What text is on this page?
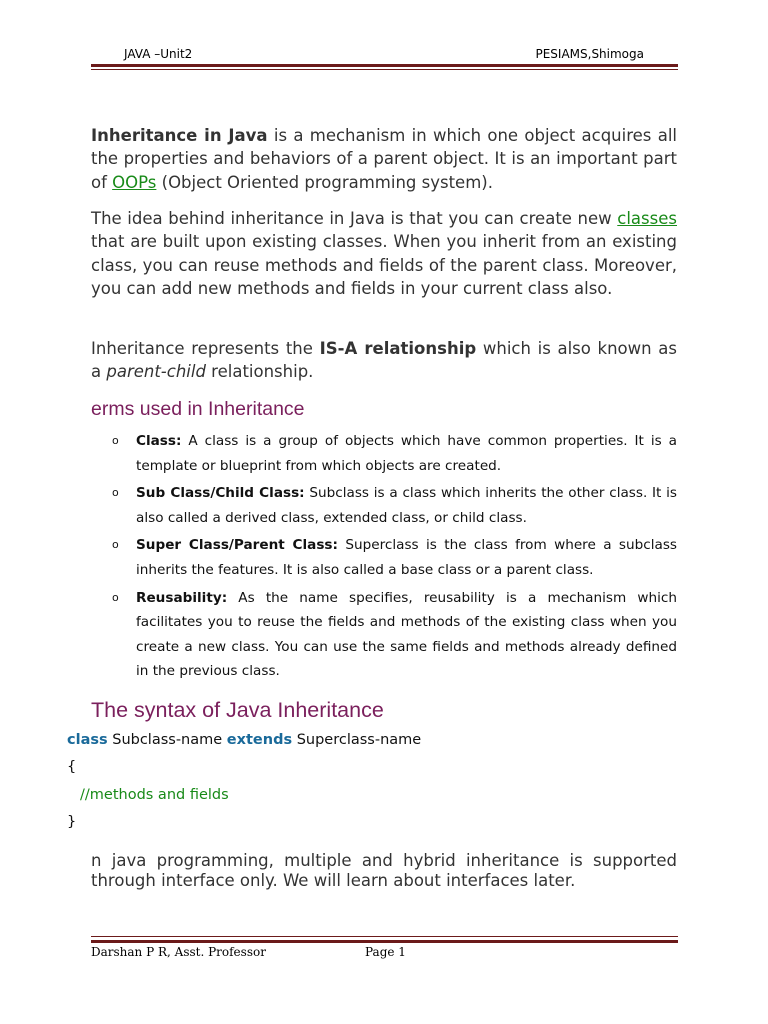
JAVA –Unit2	PESIAMS,Shimoga
Inheritance in Java is a mechanism in which one object acquires all the properties and behaviors of a parent object. It is an important part of OOPs (Object Oriented programming system).
The idea behind inheritance in Java is that you can create new classes that are built upon existing classes. When you inherit from an existing class, you can reuse methods and fields of the parent class. Moreover, you can add new methods and fields in your current class also.
Inheritance represents the IS-A relationship which is also known as a parent-child relationship.
erms used in Inheritance
o Class: A class is a group of objects which have common properties. It is a template or blueprint from which objects are created.
o Sub Class/Child Class: Subclass is a class which inherits the other class. It is also called a derived class, extended class, or child class.
o Super Class/Parent Class: Superclass is the class from where a subclass inherits the features. It is also called a base class or a parent class.
o Reusability: As the name specifies, reusability is a mechanism which facilitates you to reuse the fields and methods of the existing class when you create a new class. You can use the same fields and methods already defined in the previous class.
The syntax of Java Inheritance
class Subclass-name extends Superclass-name
{
//methods and fields
}
n java programming, multiple and hybrid inheritance is supported through interface only. We will learn about interfaces later.
Darshan P R, Asst. Professor	Page 1
